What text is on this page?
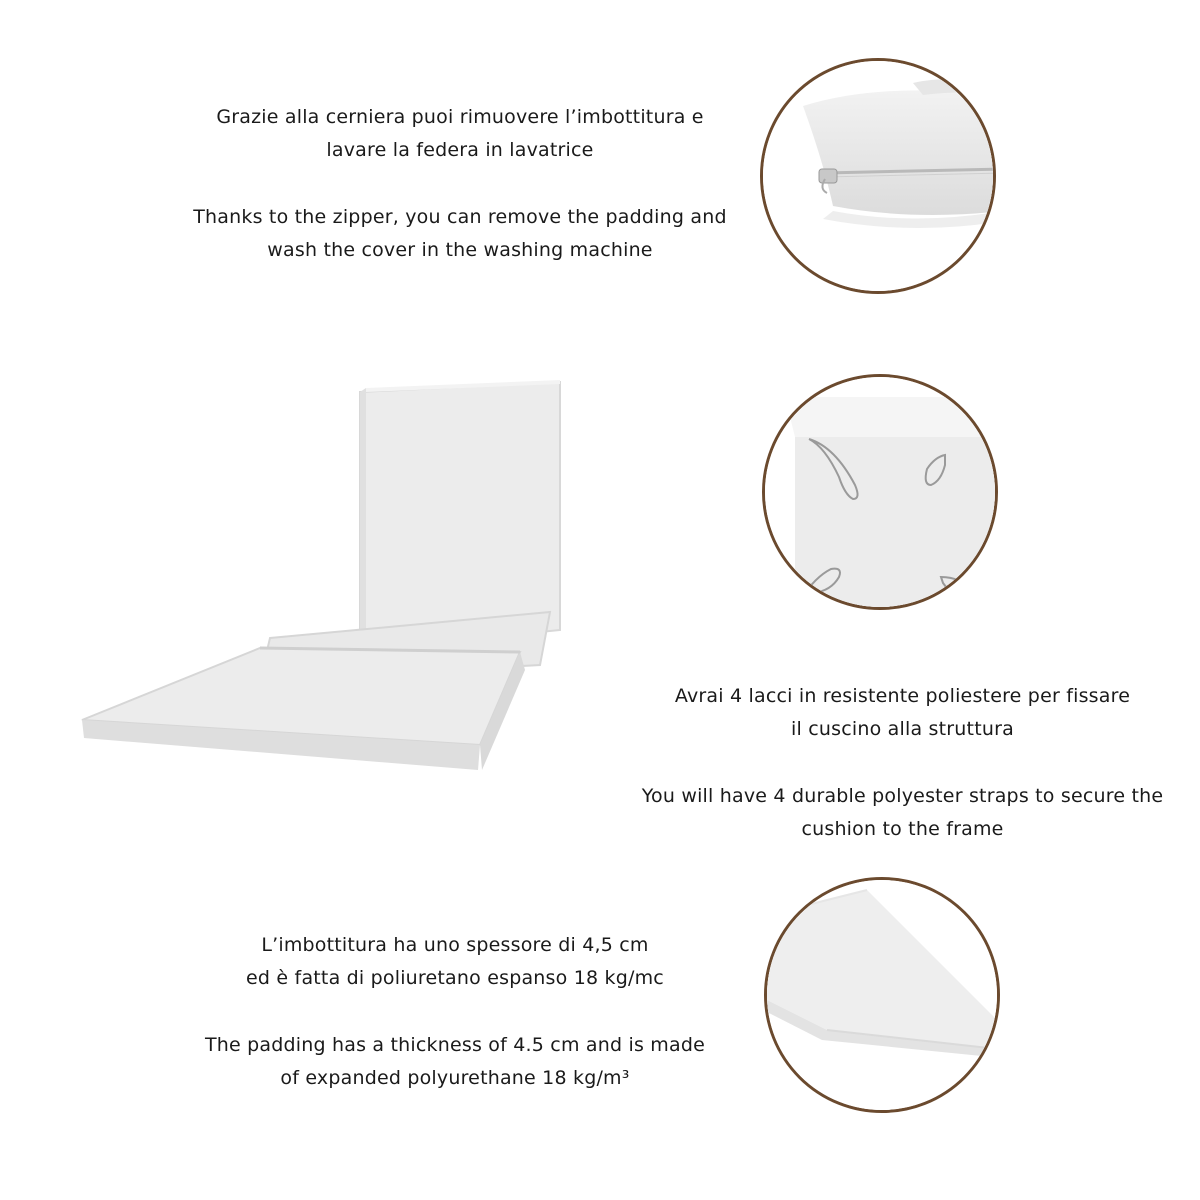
Grazie alla cerniera puoi rimuovere l’imbottitura e

lavare la federa in lavatrice

Thanks to the zipper, you can remove the padding and

wash the cover in the washing machine

Avrai 4 lacci in resistente poliestere per fissare

il cuscino alla struttura

You will have 4 durable polyester straps to secure the

cushion to the frame

L’imbottitura ha uno spessore di 4,5 cm

ed è fatta di poliuretano espanso 18 kg/mc

The padding has a thickness of 4.5 cm and is made

of expanded polyurethane 18 kg/m³
